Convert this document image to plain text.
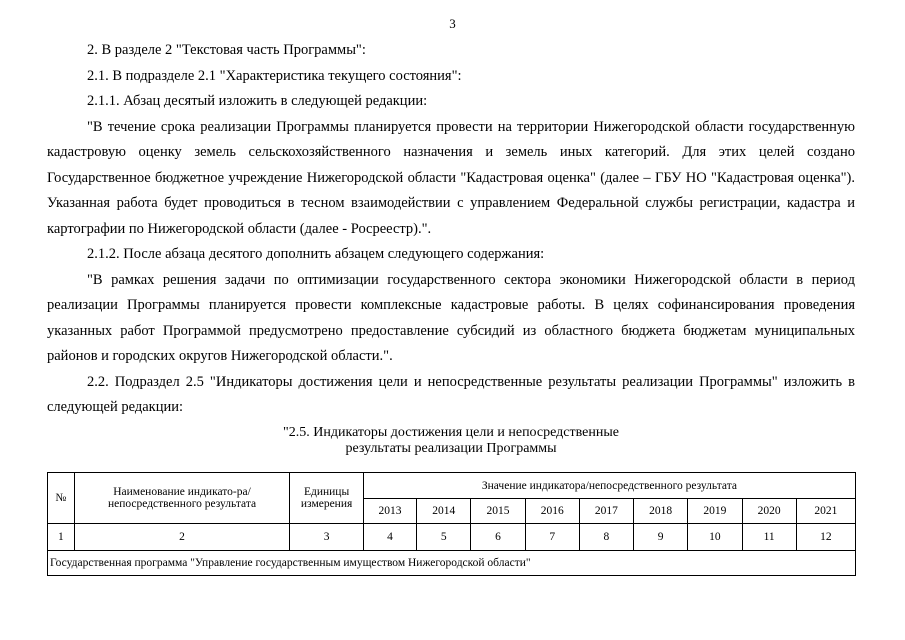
3

2. В разделе 2 "Текстовая часть Программы":

2.1. В подразделе 2.1 "Характеристика текущего состояния":

2.1.1. Абзац десятый изложить в следующей редакции:

"В течение срока реализации Программы планируется провести на территории Нижегородской области государственную кадастровую оценку земель сельскохозяйственного назначения и земель иных категорий. Для этих целей создано Государственное бюджетное учреждение Нижегородской области "Кадастровая оценка" (далее – ГБУ НО "Кадастровая оценка"). Указанная работа будет проводиться в тесном взаимодействии с управлением Федеральной службы регистрации, кадастра и картографии по Нижегородской области (далее - Росреестр).".

2.1.2. После абзаца десятого дополнить абзацем следующего содержания:

"В рамках решения задачи по оптимизации государственного сектора экономики Нижегородской области в период реализации Программы планируется провести комплексные кадастровые работы. В целях софинансирования проведения указанных работ Программой предусмотрено предоставление субсидий из областного бюджета бюджетам муниципальных районов и городских округов Нижегородской области.".

2.2. Подраздел 2.5 "Индикаторы достижения цели и непосредственные результаты реализации Программы" изложить в следующей редакции:

"2.5. Индикаторы достижения цели и непосредственные
результаты реализации Программы
№	Наименование индикато-ра/непосредственного результата	Единицы измерения	Значение индикатора/непосредственного результата								
			2013	2014	2015	2016	2017	2018	2019	2020	2021
1	2	3	4	5	6	7	8	9	10	11	12
Государственная программа "Управление государственным имуществом Нижегородской области"											
